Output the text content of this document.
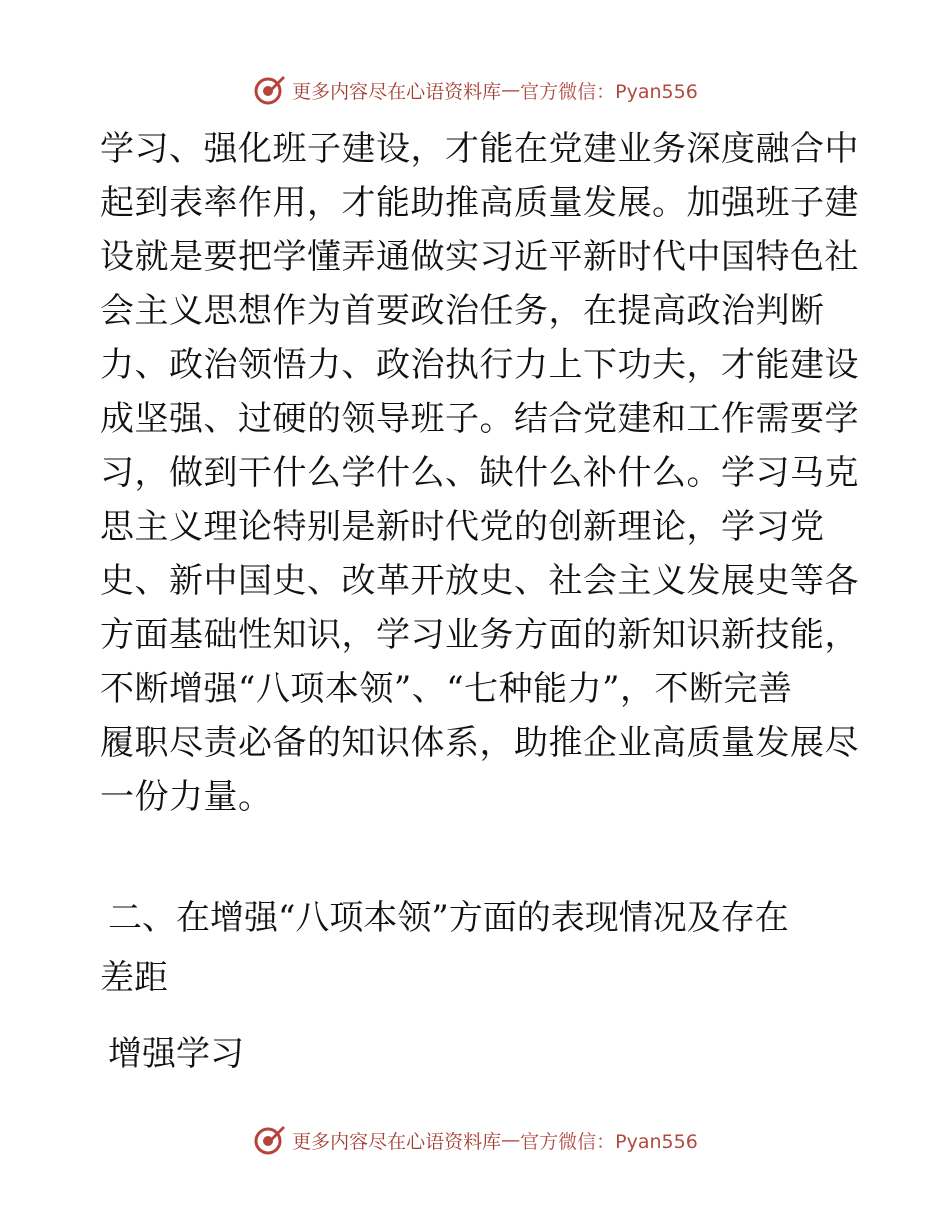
更多内容尽在心语资料库 — 官方微信：Pyan556
学习、强化班子建设，才能在党建业务深度融合中
起到表率作用，才能助推高质量发展。加强班子建
设就是要把学懂弄通做实习近平新时代中国特色社
会主义思想作为首要政治任务，在提高政治判断
力、政治领悟力、政治执行力上下功夫，才能建设
成坚强、过硬的领导班子。结合党建和工作需要学
习，做到干什么学什么、缺什么补什么。学习马克
思主义理论特别是新时代党的创新理论，学习党
史、新中国史、改革开放史、社会主义发展史等各
方面基础性知识，学习业务方面的新知识新技能，
不断增强“八项本领”、“七种能力”，不断完善
履职尽责必备的知识体系，助推企业高质量发展尽
一份力量。
二、在增强“八项本领”方面的表现情况及存在
差距
增强学习
更多内容尽在心语资料库 — 官方微信：Pyan556
